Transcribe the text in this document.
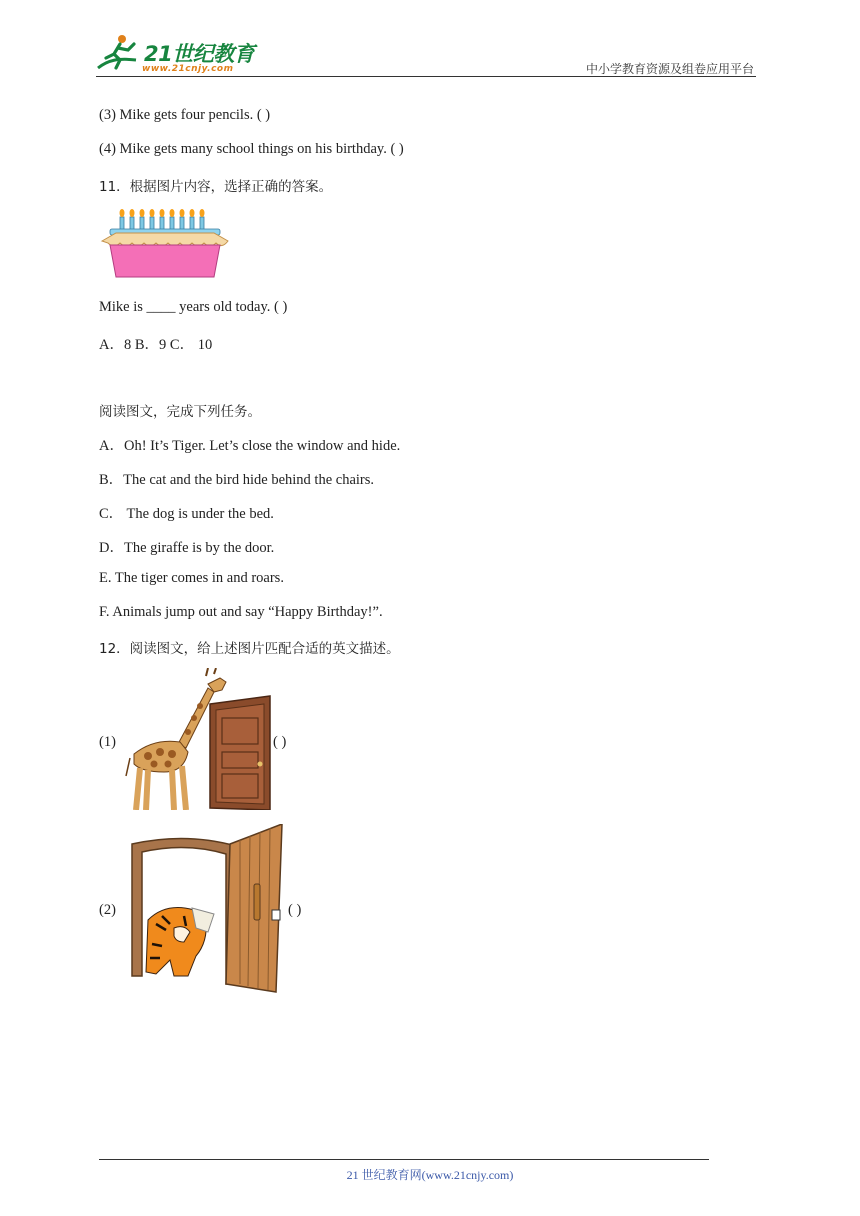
21世纪教育
www.21cnjy.com	中小学教育资源及组卷应用平台
(3) Mike gets four pencils. ( )
(4) Mike gets many school things on his birthday. ( )
11．根据图片内容，选择正确的答案。
Mike is ____ years old today. ( )
A．8 B．9 C． 10
阅读图文，完成下列任务。
A．Oh! It’s Tiger. Let’s close the window and hide.
B．The cat and the bird hide behind the chairs.
C． The dog is under the bed.
D．The giraffe is by the door.
E. The tiger comes in and roars.
F. Animals jump out and say “Happy Birthday!”.
12．阅读图文，给上述图片匹配合适的英文描述。
(1)	( )
(2)	( )
21 世纪教育网(www.21cnjy.com)
